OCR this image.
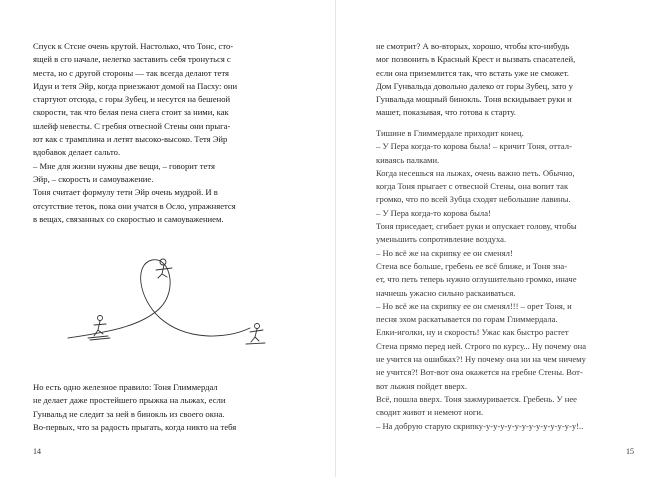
Спуск к Стсне очень крутой. Настолько, что Тонс, сто-
ящей в сго начале, нелегко заставить себя тронуться с
места, но с другой стороны — так всегда делают тетя
Идун и тетя Эйр, когда приезжают домой на Пасху: они
стартуют отсюда, с горы Зубец, и несутся на бешеной
скорости, так что белая пена снега стоит за ними, как
шлейф невесты. С гребня отвесной Стены они прыга-
ют как с трамплина и летят высоко-высоко. Тетя Эйр
вдобавок делает сальто.
– Мне для жизни нужны две вещи, – говорит тетя
Эйр, – скорость и самоуважение.
Тоня считает формулу тети Эйр очень мудрой. И в
отсутствие теток, пока они учатся в Осло, упражняется
в вещах, связанных со скоростью и самоуважением.
Но есть одно железное правило: Тоня Глиммердал
не делает даже простейшего прыжка на лыжах, если
Гунвальд не следит за ней в бинокль из своего окна.
Во-первых, что за радость прыгать, когда никто на тебя
14
не смотрит? А во-вторых, хорошо, чтобы кто-нибудь
мог позвонить в Красный Крест и вызвать спасателей,
если она приземлится так, что встать уже не сможет.
Дом Гунвальда довольно далеко от горы Зубец, зато у
Гунвальда мощный бинокль. Тоня вскидывает руки и
машет, показывая, что готова к старту.
Тишине в Глиммердале приходит конец.
– У Пера когда-то корова была! – кричит Тоня, оттал-
киваясь палками.
Когда несешься на лыжах, очень важно петь. Обычно,
когда Тоня прыгает с отвесной Стены, она вопит так
громко, что по всей Зубца сходят небольшие лавины.
– У Пера когда-то корова была!
Тоня приседает, сгибает руки и опускает голову, чтобы
уменьшить сопротивление воздуха.
– Но всё же на скрипку ее он сменял!
Стена все больше, гребень ее всё ближе, и Тоня зна-
ет, что петь теперь нужно оглушительно громко, иначе
начнешь ужасно сильно раскаиваться.
– Но всё же на скрипку ее он сменял!!! – орет Тоня, и
песня эхом раскатывается по горам Глиммердала.
Елки-иголки, ну и скорость! Ужас как быстро растет
Стена прямо перед ней. Строго по курсу... Ну почему она
не учится на ошибках?! Ну почему она ни на чем ничему
не учится?! Вот-вот она окажется на гребне Стены. Вот-
вот лыжня пойдет вверх.
Всё, пошла вверх. Тоня зажмуривается. Гребень. У нее
сводит живот и немеют ноги.
– На добрую старую скрипку-у-у-у-у-у-у-у-у-у-у-у-у-у!..
15
